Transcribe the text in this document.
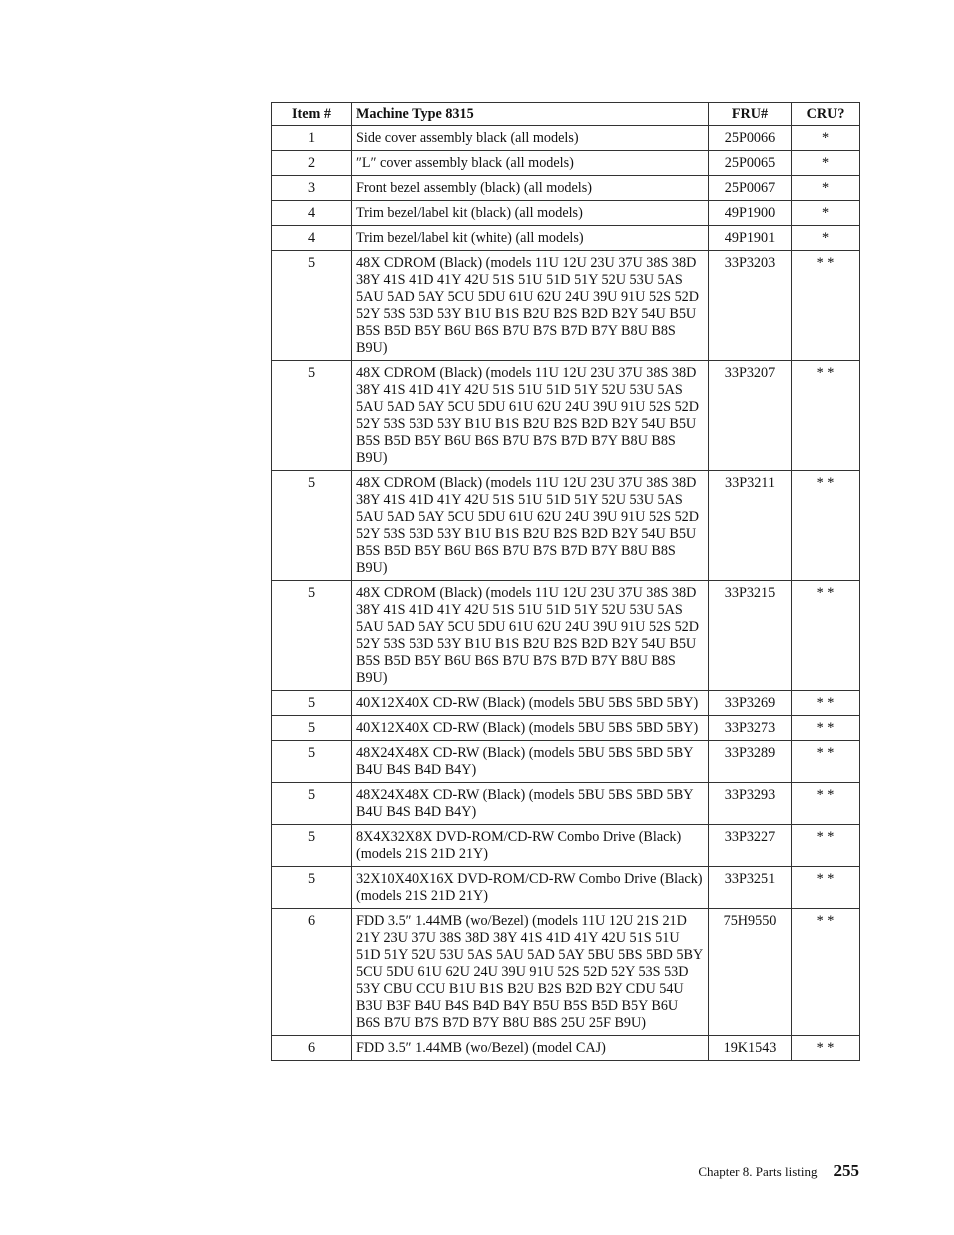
Item #	Machine Type 8315	FRU#	CRU?
1	Side cover assembly black (all models)	25P0066	*
2	″L″ cover assembly black (all models)	25P0065	*
3	Front bezel assembly (black) (all models)	25P0067	*
4	Trim bezel/label kit (black) (all models)	49P1900	*
4	Trim bezel/label kit (white) (all models)	49P1901	*
5	48X CDROM (Black) (models 11U 12U 23U 37U 38S 38D 38Y 41S 41D 41Y 42U 51S 51U 51D 51Y 52U 53U 5AS 5AU 5AD 5AY 5CU 5DU 61U 62U 24U 39U 91U 52S 52D 52Y 53S 53D 53Y B1U B1S B2U B2S B2D B2Y 54U B5U B5S B5D B5Y B6U B6S B7U B7S B7D B7Y B8U B8S B9U)	33P3203	* *
5	48X CDROM (Black) (models 11U 12U 23U 37U 38S 38D 38Y 41S 41D 41Y 42U 51S 51U 51D 51Y 52U 53U 5AS 5AU 5AD 5AY 5CU 5DU 61U 62U 24U 39U 91U 52S 52D 52Y 53S 53D 53Y B1U B1S B2U B2S B2D B2Y 54U B5U B5S B5D B5Y B6U B6S B7U B7S B7D B7Y B8U B8S B9U)	33P3207	* *
5	48X CDROM (Black) (models 11U 12U 23U 37U 38S 38D 38Y 41S 41D 41Y 42U 51S 51U 51D 51Y 52U 53U 5AS 5AU 5AD 5AY 5CU 5DU 61U 62U 24U 39U 91U 52S 52D 52Y 53S 53D 53Y B1U B1S B2U B2S B2D B2Y 54U B5U B5S B5D B5Y B6U B6S B7U B7S B7D B7Y B8U B8S B9U)	33P3211	* *
5	48X CDROM (Black) (models 11U 12U 23U 37U 38S 38D 38Y 41S 41D 41Y 42U 51S 51U 51D 51Y 52U 53U 5AS 5AU 5AD 5AY 5CU 5DU 61U 62U 24U 39U 91U 52S 52D 52Y 53S 53D 53Y B1U B1S B2U B2S B2D B2Y 54U B5U B5S B5D B5Y B6U B6S B7U B7S B7D B7Y B8U B8S B9U)	33P3215	* *
5	40X12X40X CD-RW (Black) (models 5BU 5BS 5BD 5BY)	33P3269	* *
5	40X12X40X CD-RW (Black) (models 5BU 5BS 5BD 5BY)	33P3273	* *
5	48X24X48X CD-RW (Black) (models 5BU 5BS 5BD 5BY B4U B4S B4D B4Y)	33P3289	* *
5	48X24X48X CD-RW (Black) (models 5BU 5BS 5BD 5BY B4U B4S B4D B4Y)	33P3293	* *
5	8X4X32X8X DVD-ROM/CD-RW Combo Drive (Black) (models 21S 21D 21Y)	33P3227	* *
5	32X10X40X16X DVD-ROM/CD-RW Combo Drive (Black)(models 21S 21D 21Y)	33P3251	* *
6	FDD 3.5″ 1.44MB (wo/Bezel) (models 11U 12U 21S 21D 21Y 23U 37U 38S 38D 38Y 41S 41D 41Y 42U 51S 51U 51D 51Y 52U 53U 5AS 5AU 5AD 5AY 5BU 5BS 5BD 5BY 5CU 5DU 61U 62U 24U 39U 91U 52S 52D 52Y 53S 53D 53Y CBU CCU B1U B1S B2U B2S B2D B2Y CDU 54U B3U B3F B4U B4S B4D B4Y B5U B5S B5D B5Y B6U B6S B7U B7S B7D B7Y B8U B8S 25U 25F B9U)	75H9550	* *
6	FDD 3.5″ 1.44MB (wo/Bezel) (model CAJ)	19K1543	* *
Chapter 8. Parts listing 255
